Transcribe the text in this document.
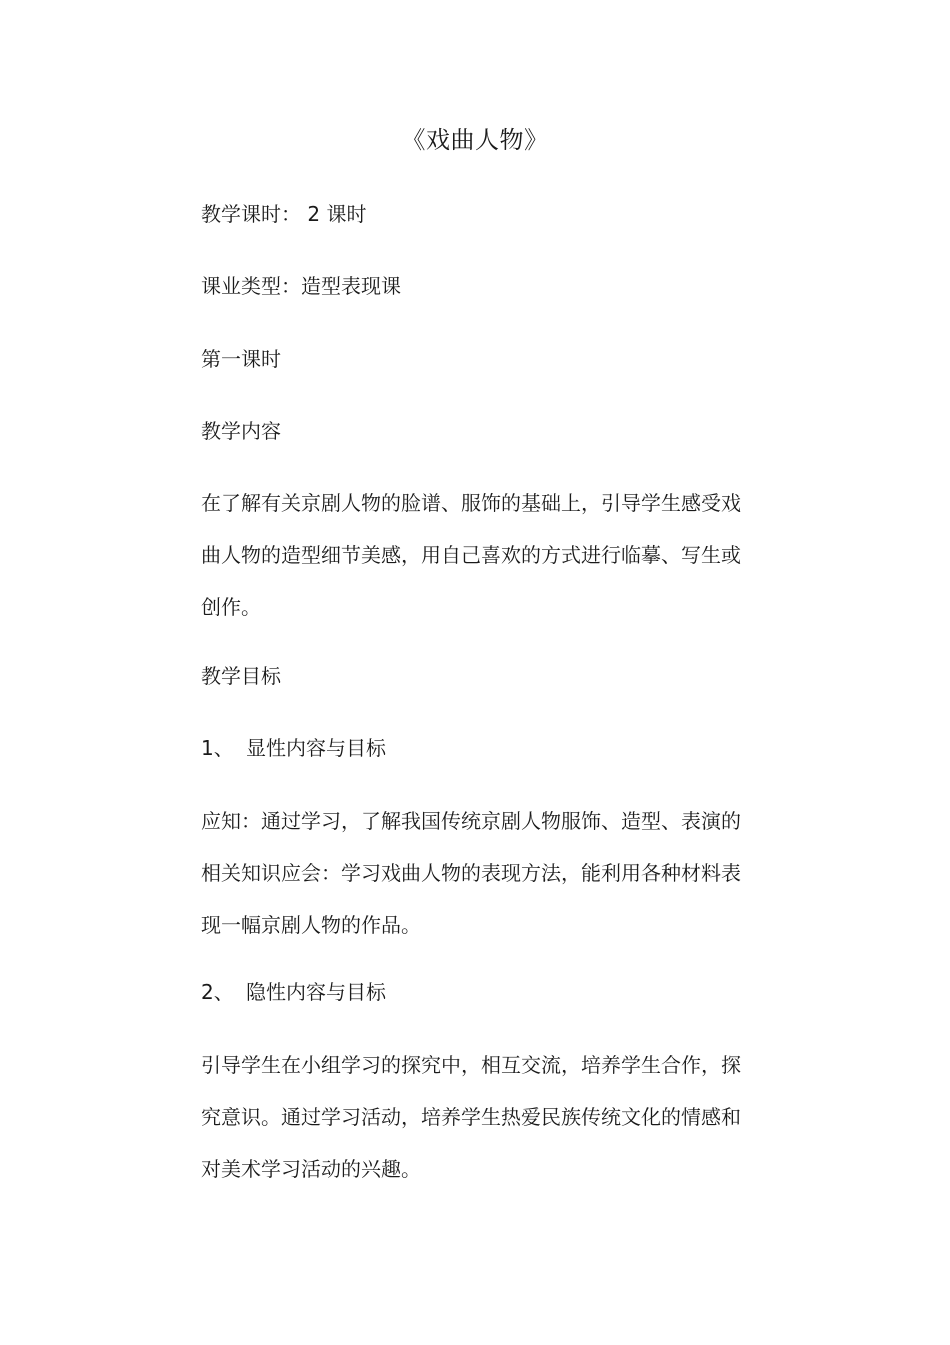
《戏曲人物》
教学课时： 2 课时
课业类型：造型表现课
第一课时
教学内容
在了解有关京剧人物的脸谱、服饰的基础上，引导学生感受戏
曲人物的造型细节美感，用自己喜欢的方式进行临摹、写生或
创作。
教学目标
1、 显性内容与目标
应知：通过学习，了解我国传统京剧人物服饰、造型、表演的
相关知识应会：学习戏曲人物的表现方法，能利用各种材料表
现一幅京剧人物的作品。
2、 隐性内容与目标
引导学生在小组学习的探究中，相互交流，培养学生合作，探
究意识。通过学习活动，培养学生热爱民族传统文化的情感和
对美术学习活动的兴趣。
